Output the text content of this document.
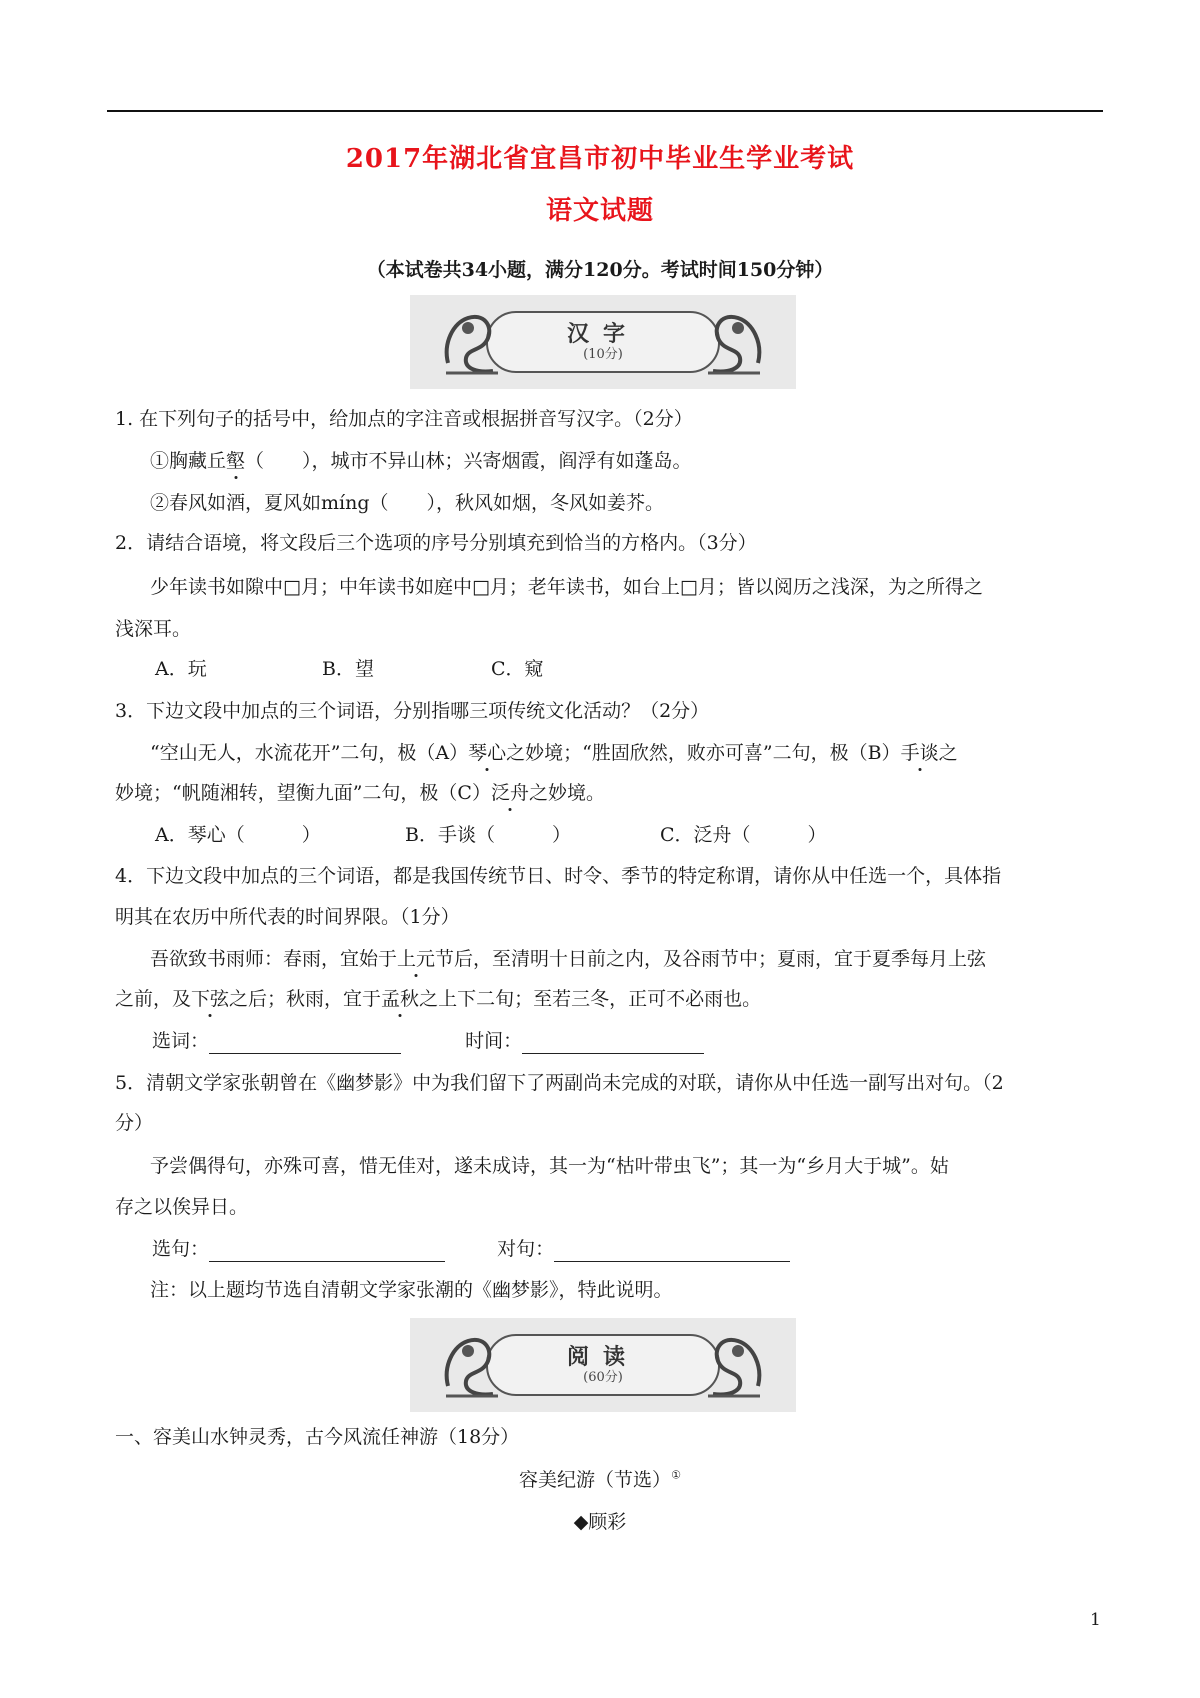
2017年湖北省宜昌市初中毕业生学业考试
语文试题
（本试卷共34小题，满分120分。考试时间150分钟）
汉字
(10分)
1. 在下列句子的括号中，给加点的字注音或根据拼音写汉字。（2分）
①胸藏丘壑（　　），城市不异山林；兴寄烟霞，阎浮有如蓬岛。
②春风如酒，夏风如míng（　　），秋风如烟，冬风如姜芥。
2．请结合语境，将文段后三个选项的序号分别填充到恰当的方格内。（3分）
少年读书如隙中□月；中年读书如庭中□月；老年读书，如台上□月；皆以阅历之浅深，为之所得之
浅深耳。
A．玩	B．望	C．窥
3．下边文段中加点的三个词语，分别指哪三项传统文化活动？（2分）
“空山无人，水流花开”二句，极（A）琴心之妙境；“胜固欣然，败亦可喜”二句，极（B）手谈之
妙境；“帆随湘转，望衡九面”二句，极（C）泛舟之妙境。
A．琴心（　　　）	B．手谈（　　　）	C．泛舟（　　　）
4．下边文段中加点的三个词语，都是我国传统节日、时令、季节的特定称谓，请你从中任选一个，具体指
明其在农历中所代表的时间界限。（1分）
吾欲致书雨师：春雨，宜始于上元节后，至清明十日前之内，及谷雨节中；夏雨，宜于夏季每月上弦
之前，及下弦之后；秋雨，宜于孟秋之上下二旬；至若三冬，正可不必雨也。
选词：	时间：
5．清朝文学家张朝曾在《幽梦影》中为我们留下了两副尚未完成的对联，请你从中任选一副写出对句。（2
分）
予尝偶得句，亦殊可喜，惜无佳对，遂未成诗，其一为“枯叶带虫飞”；其一为“乡月大于城”。姑
存之以俟异日。
选句：	对句：
注：以上题均节选自清朝文学家张潮的《幽梦影》，特此说明。
阅读
(60分)
一、容美山水钟灵秀，古今风流任神游（18分）
容美纪游（节选）①
◆顾彩
1
